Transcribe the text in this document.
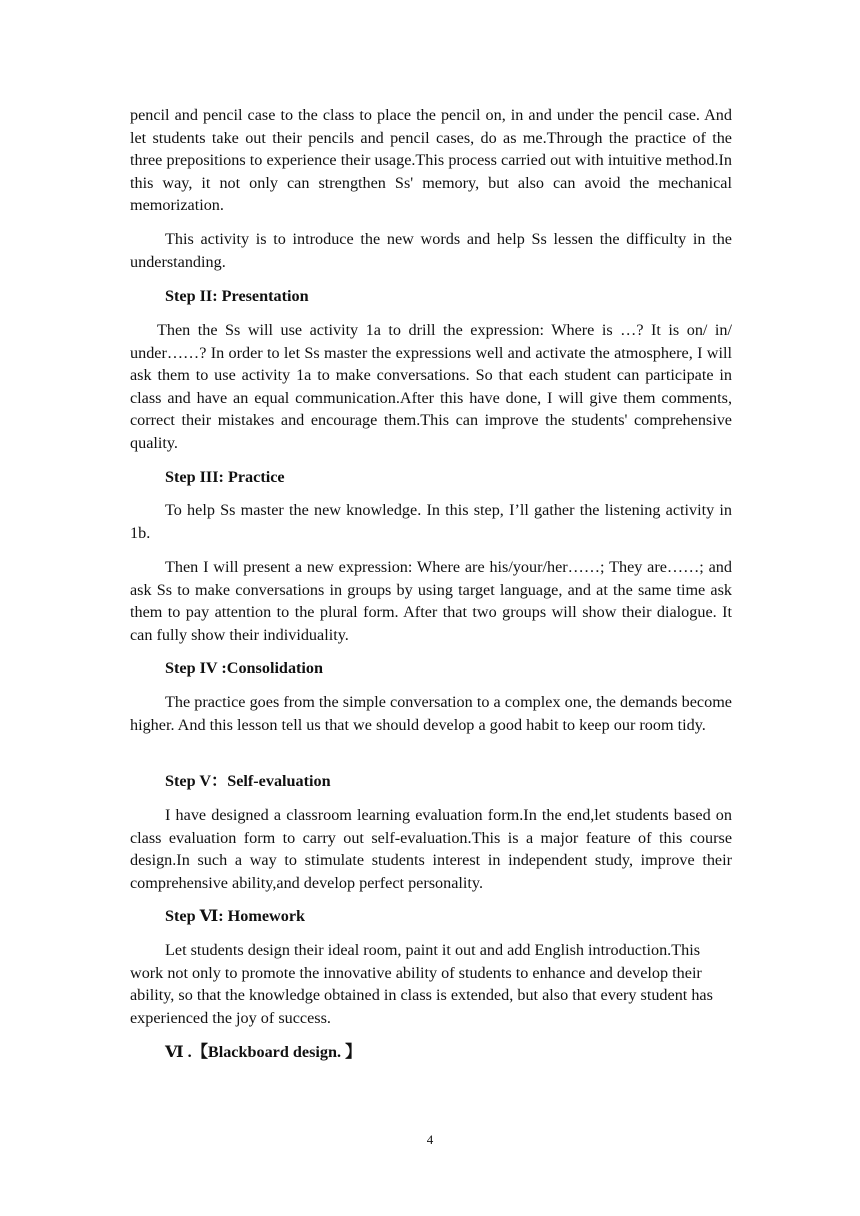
pencil and pencil case to the class to place the pencil on, in and under the pencil case. And let students take out their pencils and pencil cases, do as me.Through the practice of the three prepositions to experience their usage.This process carried out with intuitive method.In this way, it not only can strengthen Ss' memory, but also can avoid the mechanical memorization.

This activity is to introduce the new words and help Ss lessen the difficulty in the understanding.

Step II: Presentation

Then the Ss will use activity 1a to drill the expression: Where is …? It is on/ in/ under……? In order to let Ss master the expressions well and activate the atmosphere, I will ask them to use activity 1a to make conversations. So that each student can participate in class and have an equal communication.After this have done, I will give them comments, correct their mistakes and encourage them.This can improve the students' comprehensive quality.

Step III: Practice

To help Ss master the new knowledge. In this step, I’ll gather the listening activity in 1b.

Then I will present a new expression: Where are his/your/her……; They are……; and ask Ss to make conversations in groups by using target language, and at the same time ask them to pay attention to the plural form. After that two groups will show their dialogue. It can fully show their individuality.

Step IV :Consolidation

The practice goes from the simple conversation to a complex one, the demands become higher. And this lesson tell us that we should develop a good habit to keep our room tidy.

Step V：Self-evaluation

I have designed a classroom learning evaluation form.In the end,let students based on class evaluation form to carry out self-evaluation.This is a major feature of this course design.In such a way to stimulate students interest in independent study, improve their comprehensive ability,and develop perfect personality.

Step Ⅵ: Homework

Let students design their ideal room, paint it out and add English introduction.This work not only to promote the innovative ability of students to enhance and develop their ability, so that the knowledge obtained in class is extended, but also that every student has experienced the joy of success.

Ⅵ .【Blackboard design. 】

4
